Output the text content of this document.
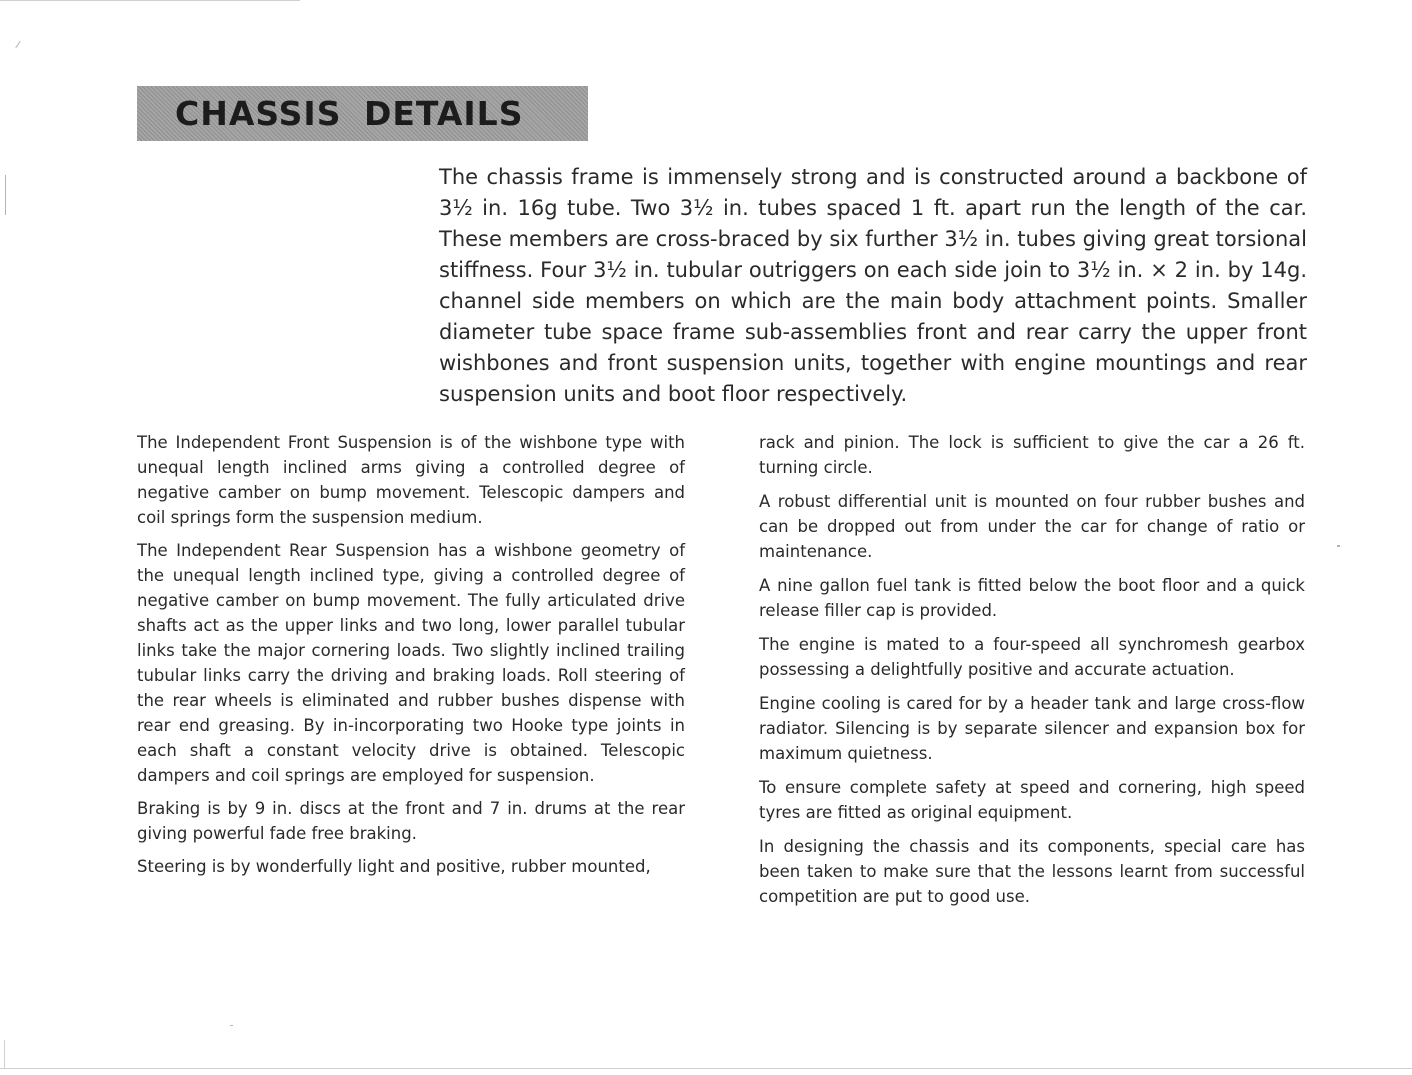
CHASSIS DETAILS

The chassis frame is immensely strong and is constructed around a backbone of 3½ in. 16g tube. Two 3½ in. tubes spaced 1 ft. apart run the length of the car. These members are cross-braced by six further 3½ in. tubes giving great torsional stiffness. Four 3½ in. tubular outriggers on each side join to 3½ in. × 2 in. by 14g. channel side members on which are the main body attachment points. Smaller diameter tube space frame sub-assemblies front and rear carry the upper front wishbones and front suspension units, together with engine mountings and rear suspension units and boot floor respectively.

The Independent Front Suspension is of the wishbone type with unequal length inclined arms giving a controlled degree of negative camber on bump movement. Telescopic dampers and coil springs form the suspension medium.

The Independent Rear Suspension has a wishbone geometry of the unequal length inclined type, giving a controlled degree of negative camber on bump movement. The fully articulated drive shafts act as the upper links and two long, lower parallel tubular links take the major cornering loads. Two slightly inclined trailing tubular links carry the driving and braking loads. Roll steering of the rear wheels is eliminated and rubber bushes dispense with rear end greasing. By in-incorporating two Hooke type joints in each shaft a constant velocity drive is obtained. Telescopic dampers and coil springs are employed for suspension.

Braking is by 9 in. discs at the front and 7 in. drums at the rear giving powerful fade free braking.

Steering is by wonderfully light and positive, rubber mounted,

rack and pinion. The lock is sufficient to give the car a 26 ft. turning circle.

A robust differential unit is mounted on four rubber bushes and can be dropped out from under the car for change of ratio or maintenance.

A nine gallon fuel tank is fitted below the boot floor and a quick release filler cap is provided.

The engine is mated to a four-speed all synchromesh gearbox possessing a delightfully positive and accurate actuation.

Engine cooling is cared for by a header tank and large cross-flow radiator. Silencing is by separate silencer and expansion box for maximum quietness.

To ensure complete safety at speed and cornering, high speed tyres are fitted as original equipment.

In designing the chassis and its components, special care has been taken to make sure that the lessons learnt from successful competition are put to good use.
